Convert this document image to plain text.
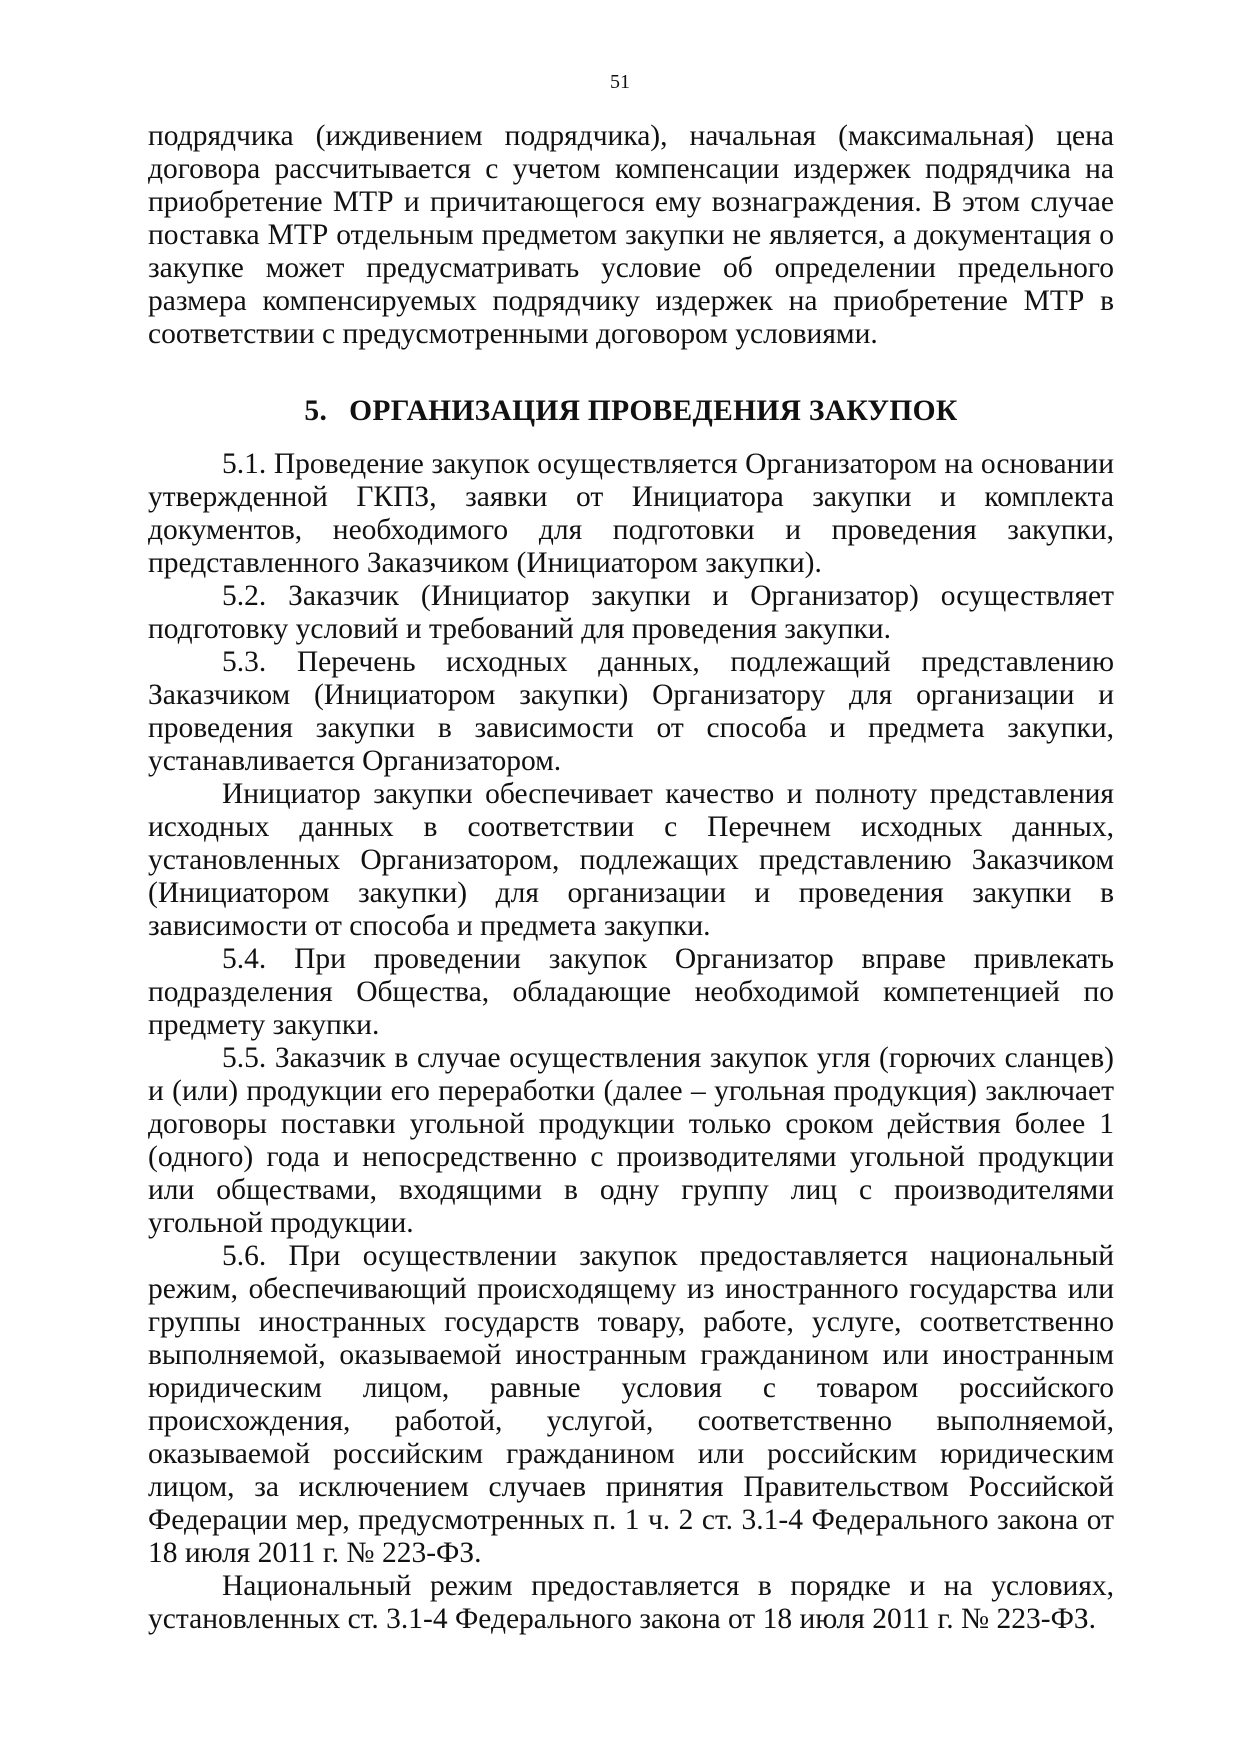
51

подрядчика (иждивением подрядчика), начальная (максимальная) цена договора рассчитывается с учетом компенсации издержек подрядчика на приобретение МТР и причитающегося ему вознаграждения. В этом случае поставка МТР отдельным предметом закупки не является, а документация о закупке может предусматривать условие об определении предельного размера компенсируемых подрядчику издержек на приобретение МТР в соответствии с предусмотренными договором условиями.

5. ОРГАНИЗАЦИЯ ПРОВЕДЕНИЯ ЗАКУПОК

5.1. Проведение закупок осуществляется Организатором на основании утвержденной ГКПЗ, заявки от Инициатора закупки и комплекта документов, необходимого для подготовки и проведения закупки, представленного Заказчиком (Инициатором закупки).

5.2. Заказчик (Инициатор закупки и Организатор) осуществляет подготовку условий и требований для проведения закупки.

5.3. Перечень исходных данных, подлежащий представлению Заказчиком (Инициатором закупки) Организатору для организации и проведения закупки в зависимости от способа и предмета закупки, устанавливается Организатором.

Инициатор закупки обеспечивает качество и полноту представления исходных данных в соответствии с Перечнем исходных данных, установленных Организатором, подлежащих представлению Заказчиком (Инициатором закупки) для организации и проведения закупки в зависимости от способа и предмета закупки.

5.4. При проведении закупок Организатор вправе привлекать подразделения Общества, обладающие необходимой компетенцией по предмету закупки.

5.5. Заказчик в случае осуществления закупок угля (горючих сланцев) и (или) продукции его переработки (далее – угольная продукция) заключает договоры поставки угольной продукции только сроком действия более 1 (одного) года и непосредственно с производителями угольной продукции или обществами, входящими в одну группу лиц с производителями угольной продукции.

5.6. При осуществлении закупок предоставляется национальный режим, обеспечивающий происходящему из иностранного государства или группы иностранных государств товару, работе, услуге, соответственно выполняемой, оказываемой иностранным гражданином или иностранным юридическим лицом, равные условия с товаром российского происхождения, работой, услугой, соответственно выполняемой, оказываемой российским гражданином или российским юридическим лицом, за исключением случаев принятия Правительством Российской Федерации мер, предусмотренных п. 1 ч. 2 ст. 3.1-4 Федерального закона от 18 июля 2011 г. № 223-ФЗ.

Национальный режим предоставляется в порядке и на условиях, установленных ст. 3.1-4 Федерального закона от 18 июля 2011 г. № 223-ФЗ.
